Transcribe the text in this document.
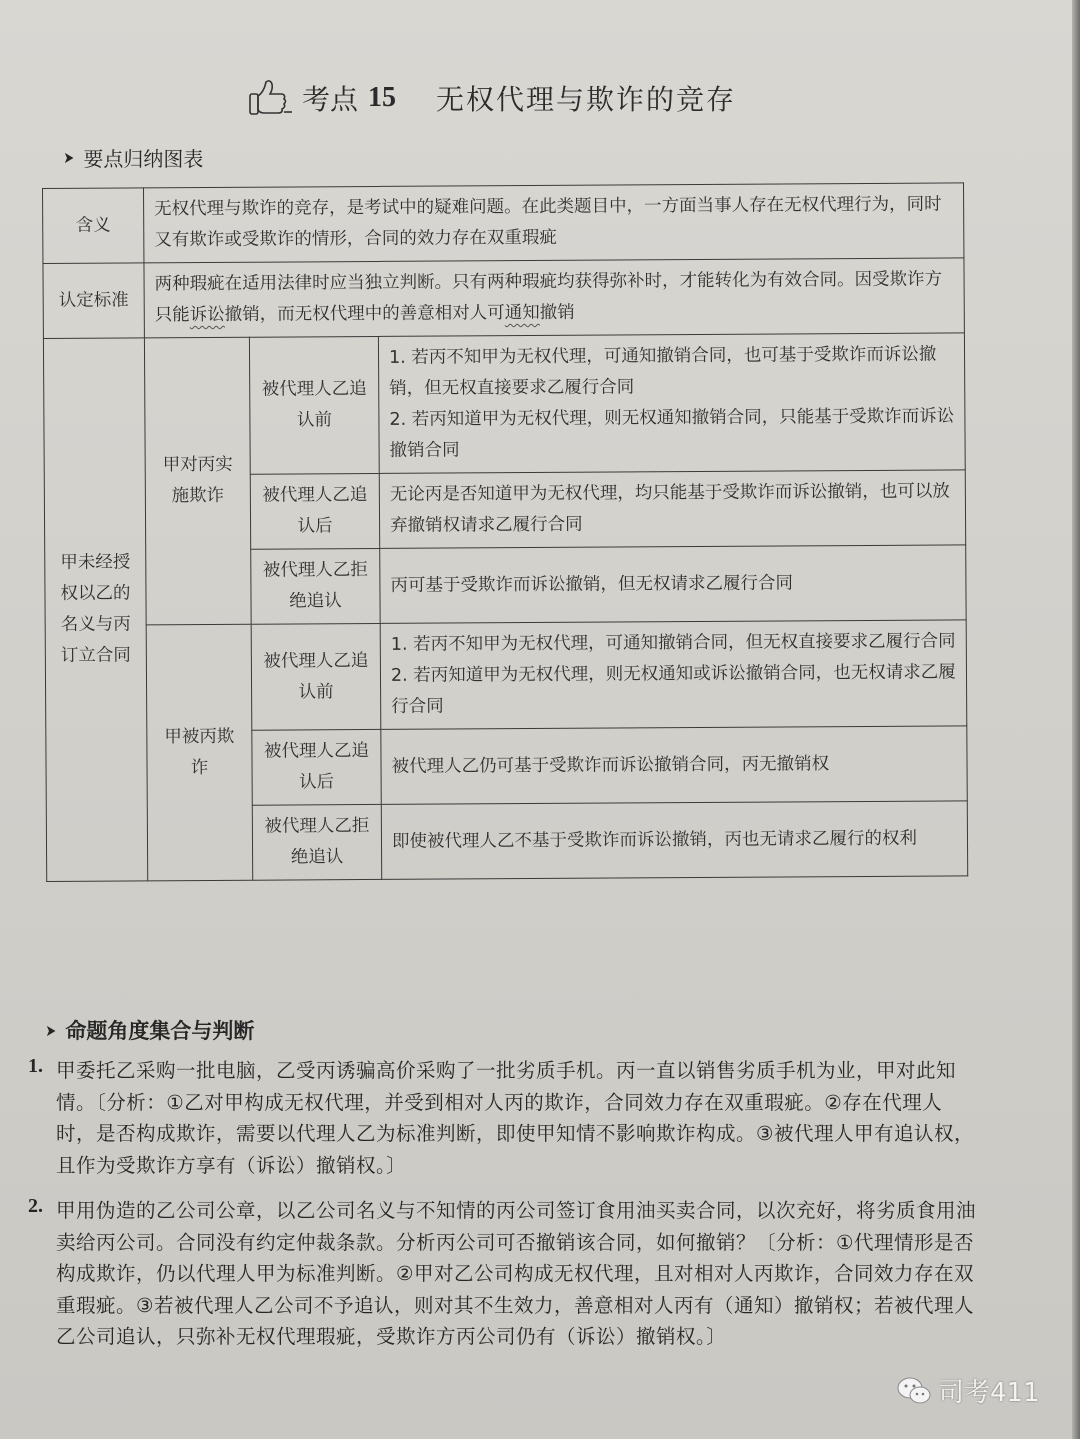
考点 15 无权代理与欺诈的竞存
➤ 要点归纳图表
含义	无权代理与欺诈的竞存，是考试中的疑难问题。在此类题目中，一方面当事人存在无权代理行为，同时又有欺诈或受欺诈的情形，合同的效力存在双重瑕疵		
认定标准	两种瑕疵在适用法律时应当独立判断。只有两种瑕疵均获得弥补时，才能转化为有效合同。因受欺诈方只能诉讼撤销，而无权代理中的善意相对人可通知撤销		
甲未经授权以乙的名义与丙订立合同	甲对丙实施欺诈	被代理人乙追认前	1. 若丙不知甲为无权代理，可通知撤销合同，也可基于受欺诈而诉讼撤销，但无权直接要求乙履行合同
2. 若丙知道甲为无权代理，则无权通知撤销合同，只能基于受欺诈而诉讼撤销合同

		被代理人乙追认后	无论丙是否知道甲为无权代理，均只能基于受欺诈而诉讼撤销，也可以放弃撤销权请求乙履行合同
		被代理人乙拒绝追认	丙可基于受欺诈而诉讼撤销，但无权请求乙履行合同
	甲被丙欺诈	被代理人乙追认前	1. 若丙不知甲为无权代理，可通知撤销合同，但无权直接要求乙履行合同
2. 若丙知道甲为无权代理，则无权通知或诉讼撤销合同，也无权请求乙履行合同

		被代理人乙追认后	被代理人乙仍可基于受欺诈而诉讼撤销合同，丙无撤销权
		被代理人乙拒绝追认	即使被代理人乙不基于受欺诈而诉讼撤销，丙也无请求乙履行的权利
➤ 命题角度集合与判断
1. 甲委托乙采购一批电脑，乙受丙诱骗高价采购了一批劣质手机。丙一直以销售劣质手机为业，甲对此知情。〔分析：①乙对甲构成无权代理，并受到相对人丙的欺诈，合同效力存在双重瑕疵。②存在代理人时，是否构成欺诈，需要以代理人乙为标准判断，即使甲知情不影响欺诈构成。③被代理人甲有追认权，且作为受欺诈方享有（诉讼）撤销权。〕
2. 甲用伪造的乙公司公章，以乙公司名义与不知情的丙公司签订食用油买卖合同，以次充好，将劣质食用油卖给丙公司。合同没有约定仲裁条款。分析丙公司可否撤销该合同，如何撤销？〔分析：①代理情形是否构成欺诈，仍以代理人甲为标准判断。②甲对乙公司构成无权代理，且对相对人丙欺诈，合同效力存在双重瑕疵。③若被代理人乙公司不予追认，则对其不生效力，善意相对人丙有（通知）撤销权；若被代理人乙公司追认，只弥补无权代理瑕疵，受欺诈方丙公司仍有（诉讼）撤销权。〕
司考411
